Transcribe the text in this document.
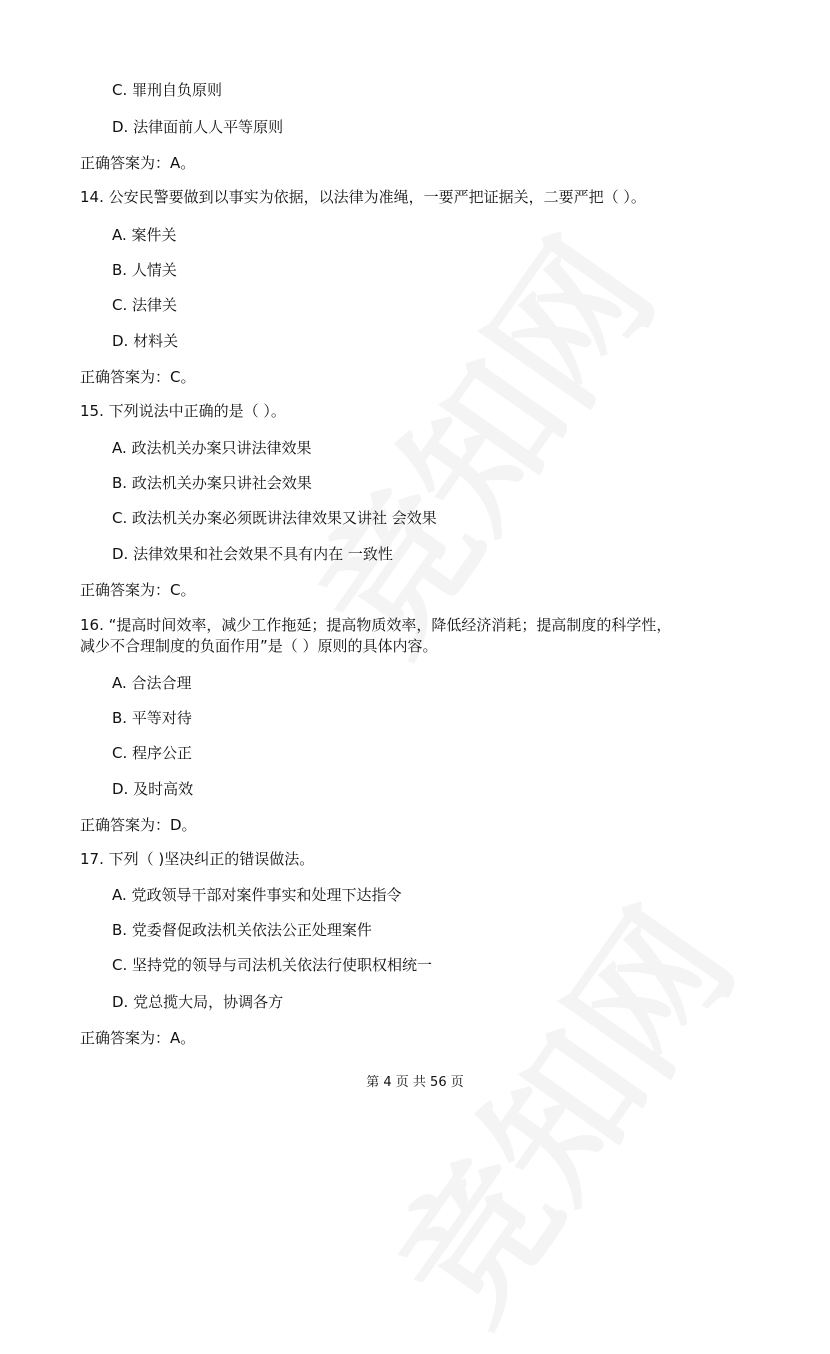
C. 罪刑自负原则
D. 法律面前人人平等原则
正确答案为：A。
14. 公安民警要做到以事实为依据，以法律为准绳，一要严把证据关，二要严把（ ）。
A. 案件关
B. 人情关
C. 法律关
D. 材料关
正确答案为：C。
15. 下列说法中正确的是（ ）。
A. 政法机关办案只讲法律效果
B. 政法机关办案只讲社会效果
C. 政法机关办案必须既讲法律效果又讲社 会效果
D. 法律效果和社会效果不具有内在 一致性
正确答案为：C。
16. “提高时间效率，减少工作拖延；提高物质效率，降低经济消耗；提高制度的科学性，
减少不合理制度的负面作用”是（ ）原则的具体内容。
A. 合法合理
B. 平等对待
C. 程序公正
D. 及时高效
正确答案为：D。
17. 下列（ )坚决纠正的错误做法。
A. 党政领导干部对案件事实和处理下达指令
B. 党委督促政法机关依法公正处理案件
C. 坚持党的领导与司法机关依法行使职权相统一
D. 党总揽大局，协调各方
正确答案为：A。
第 4 页 共 56 页
